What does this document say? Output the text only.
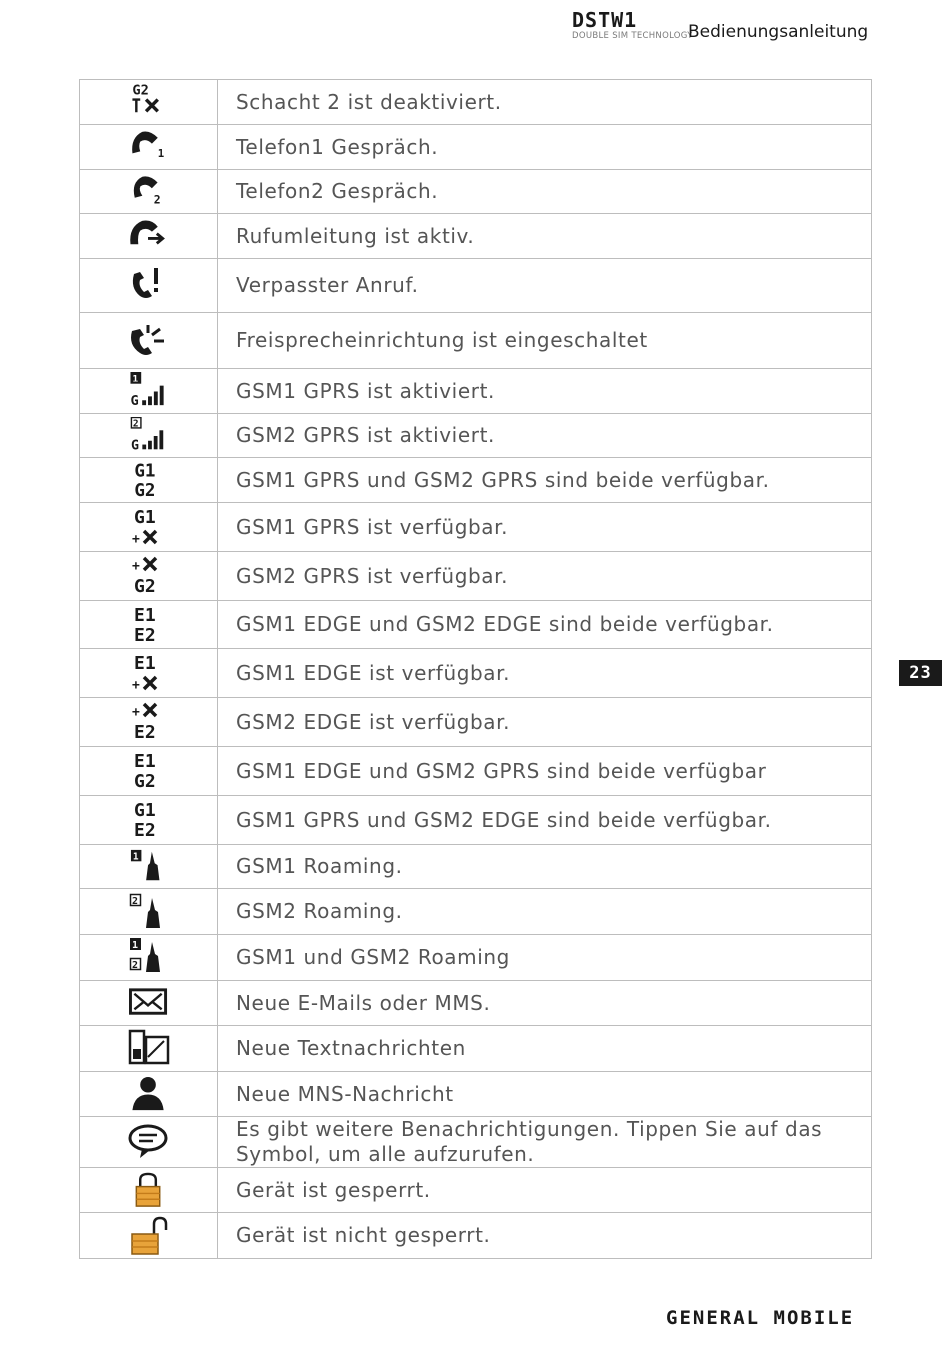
DSTW1
DOUBLE SIM TECHNOLOGY
Bedienungsanleitung
G2	Schacht 2 ist deaktiviert.

1	Telefon1 Gespräch.

2	Telefon2 Gespräch.

	Rufumleitung ist aktiv.

	Verpasster Anruf.

	Freisprecheinrichtung ist eingeschaltet

1
G	GSM1 GPRS ist aktiviert.

2
G	GSM2 GPRS ist aktiviert.

G1
G2	GSM1 GPRS und GSM2 GPRS sind beide verfügbar.

G1
+	GSM1 GPRS ist verfügbar.

+
G2	GSM2 GPRS ist verfügbar.

E1
E2	GSM1 EDGE und GSM2 EDGE sind beide verfügbar.

E1
+	GSM1 EDGE ist verfügbar.

+
E2	GSM2 EDGE ist verfügbar.

E1
G2	GSM1 EDGE und GSM2 GPRS sind beide verfügbar

G1
E2	GSM1 GPRS und GSM2 EDGE sind beide verfügbar.

1	GSM1 Roaming.

2	GSM2 Roaming.

1
2	GSM1 und GSM2 Roaming

	Neue E-Mails oder MMS.

	Neue Textnachrichten

	Neue MNS-Nachricht

	Es gibt weitere Benachrichtigungen. Tippen Sie auf das Symbol, um alle aufzurufen.

	Gerät ist gesperrt.

	Gerät ist nicht gesperrt.
23
GENERAL MOBILE
